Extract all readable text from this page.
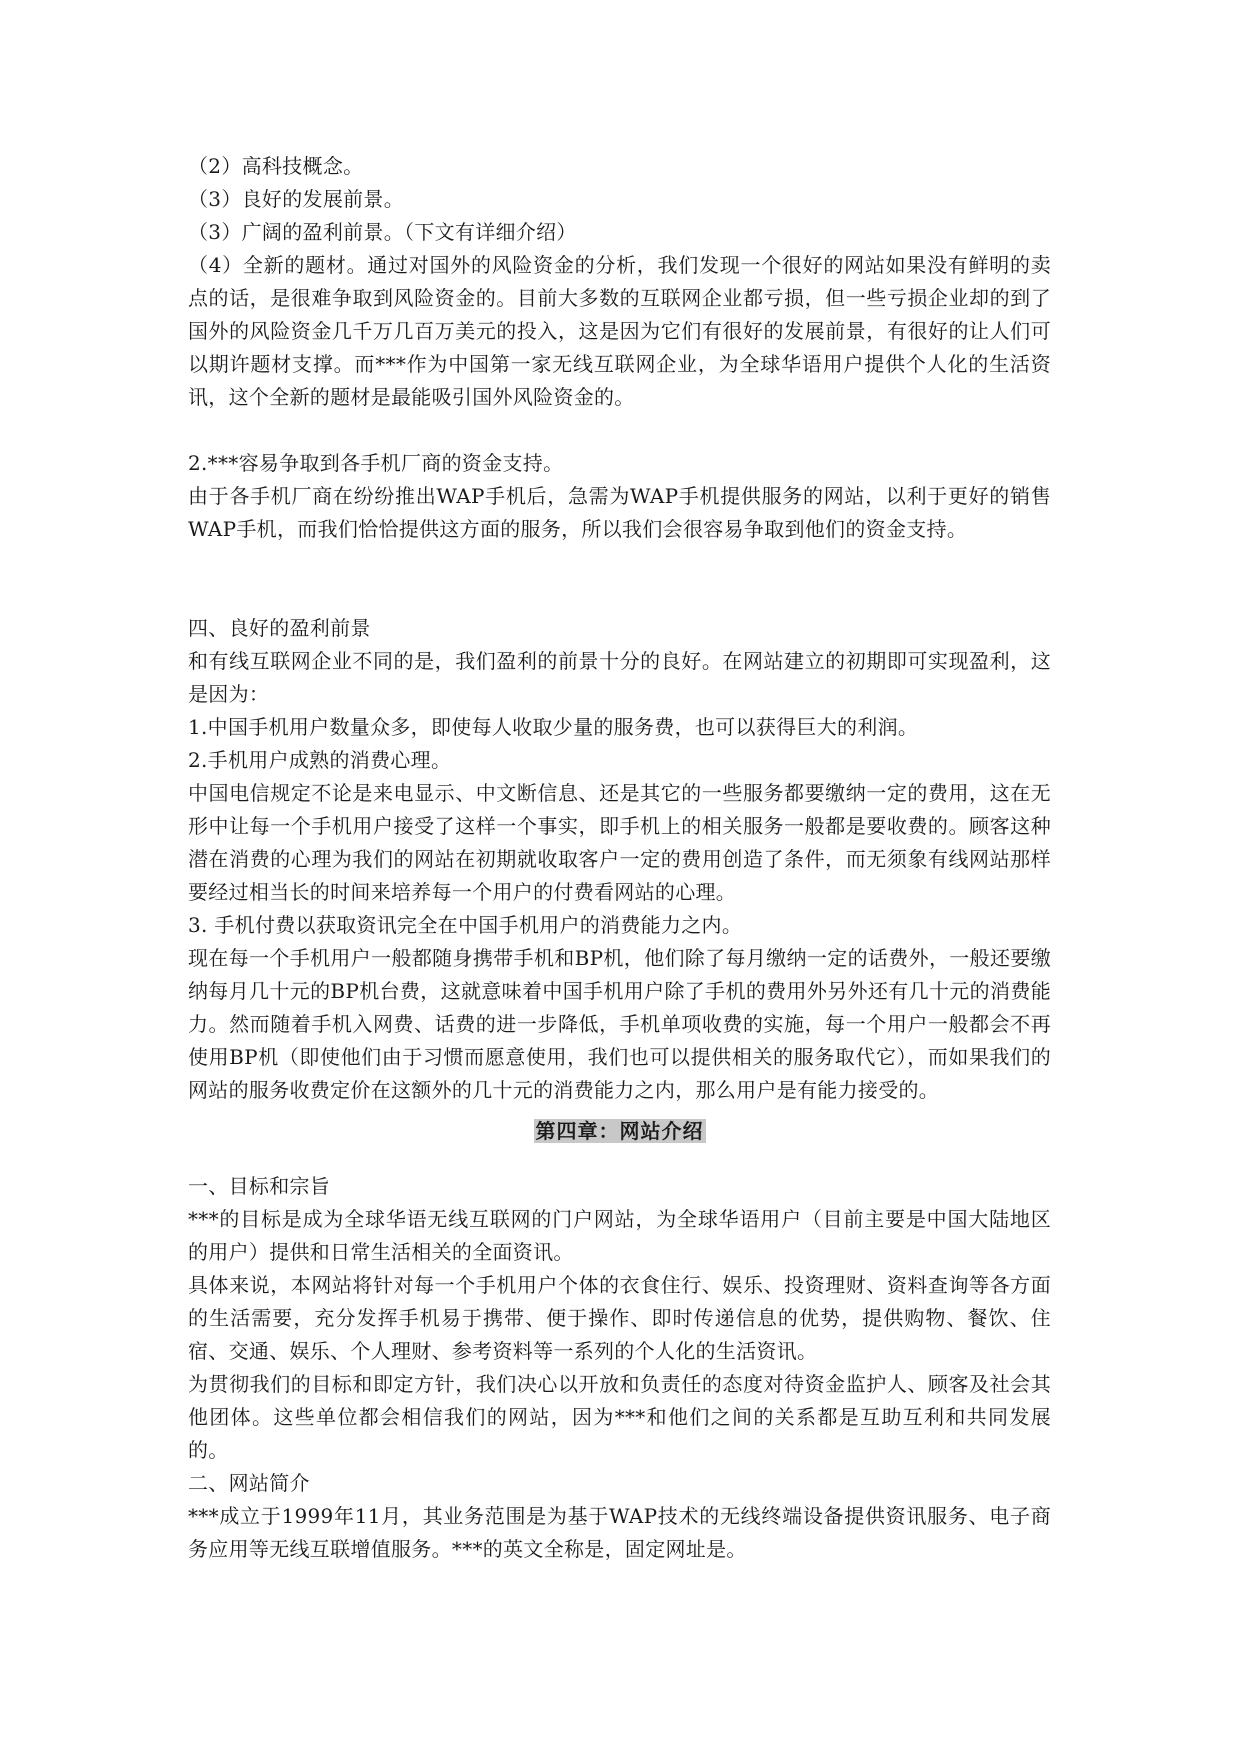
（2）高科技概念。
（3）良好的发展前景。
（3）广阔的盈利前景。（下文有详细介绍）
（4）全新的题材。通过对国外的风险资金的分析，我们发现一个很好的网站如果没有鲜明的卖点的话，是很难争取到风险资金的。目前大多数的互联网企业都亏损，但一些亏损企业却的到了国外的风险资金几千万几百万美元的投入，这是因为它们有很好的发展前景，有很好的让人们可以期许题材支撑。而***作为中国第一家无线互联网企业，为全球华语用户提供个人化的生活资讯，这个全新的题材是最能吸引国外风险资金的。
2.***容易争取到各手机厂商的资金支持。
由于各手机厂商在纷纷推出WAP手机后，急需为WAP手机提供服务的网站，以利于更好的销售WAP手机，而我们恰恰提供这方面的服务，所以我们会很容易争取到他们的资金支持。
四、良好的盈利前景
和有线互联网企业不同的是，我们盈利的前景十分的良好。在网站建立的初期即可实现盈利，这是因为：
1.中国手机用户数量众多，即使每人收取少量的服务费，也可以获得巨大的利润。
2.手机用户成熟的消费心理。
中国电信规定不论是来电显示、中文断信息、还是其它的一些服务都要缴纳一定的费用，这在无形中让每一个手机用户接受了这样一个事实，即手机上的相关服务一般都是要收费的。顾客这种潜在消费的心理为我们的网站在初期就收取客户一定的费用创造了条件，而无须象有线网站那样要经过相当长的时间来培养每一个用户的付费看网站的心理。
3. 手机付费以获取资讯完全在中国手机用户的消费能力之内。
现在每一个手机用户一般都随身携带手机和BP机，他们除了每月缴纳一定的话费外，一般还要缴纳每月几十元的BP机台费，这就意味着中国手机用户除了手机的费用外另外还有几十元的消费能力。然而随着手机入网费、话费的进一步降低，手机单项收费的实施，每一个用户一般都会不再使用BP机（即使他们由于习惯而愿意使用，我们也可以提供相关的服务取代它），而如果我们的网站的服务收费定价在这额外的几十元的消费能力之内，那么用户是有能力接受的。
第四章：网站介绍
一、目标和宗旨
***的目标是成为全球华语无线互联网的门户网站，为全球华语用户（目前主要是中国大陆地区的用户）提供和日常生活相关的全面资讯。
具体来说，本网站将针对每一个手机用户个体的衣食住行、娱乐、投资理财、资料查询等各方面的生活需要，充分发挥手机易于携带、便于操作、即时传递信息的优势，提供购物、餐饮、住宿、交通、娱乐、个人理财、参考资料等一系列的个人化的生活资讯。
为贯彻我们的目标和即定方针，我们决心以开放和负责任的态度对待资金监护人、顾客及社会其他团体。这些单位都会相信我们的网站，因为***和他们之间的关系都是互助互利和共同发展的。
二、网站简介
***成立于1999年11月，其业务范围是为基于WAP技术的无线终端设备提供资讯服务、电子商务应用等无线互联增值服务。***的英文全称是，固定网址是。
